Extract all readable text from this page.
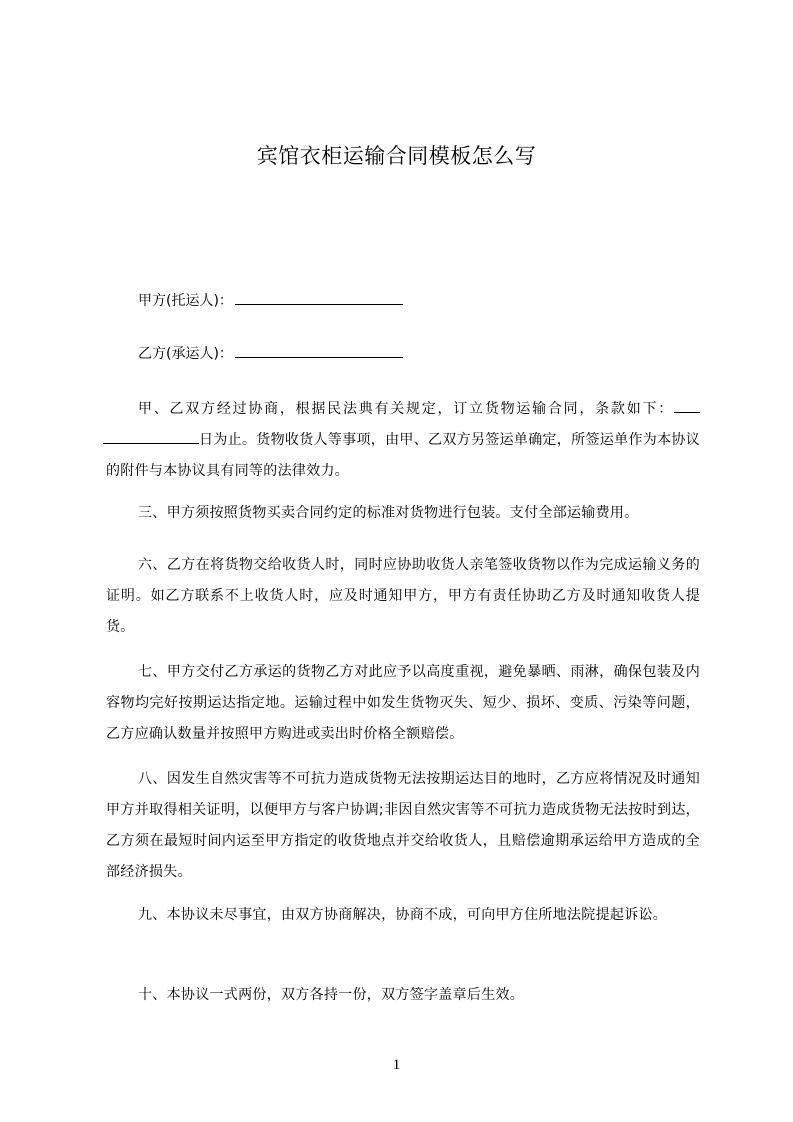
宾馆衣柜运输合同模板怎么写
甲方(托运人)：
乙方(承运人)：

甲、乙双方经过协商，根据民法典有关规定，订立货物运输合同，条款如下：日为止。货物收货人等事项，由甲、乙双方另签运单确定，所签运单作为本协议的附件与本协议具有同等的法律效力。

三、甲方须按照货物买卖合同约定的标准对货物进行包装。支付全部运输费用。

六、乙方在将货物交给收货人时，同时应协助收货人亲笔签收货物以作为完成运输义务的证明。如乙方联系不上收货人时，应及时通知甲方，甲方有责任协助乙方及时通知收货人提货。

七、甲方交付乙方承运的货物乙方对此应予以高度重视，避免暴晒、雨淋，确保包装及内容物均完好按期运达指定地。运输过程中如发生货物灭失、短少、损坏、变质、污染等问题，乙方应确认数量并按照甲方购进或卖出时价格全额赔偿。

八、因发生自然灾害等不可抗力造成货物无法按期运达目的地时，乙方应将情况及时通知甲方并取得相关证明，以便甲方与客户协调;非因自然灾害等不可抗力造成货物无法按时到达，乙方须在最短时间内运至甲方指定的收货地点并交给收货人，且赔偿逾期承运给甲方造成的全部经济损失。

九、本协议未尽事宜，由双方协商解决，协商不成，可向甲方住所地法院提起诉讼。

十、本协议一式两份，双方各持一份，双方签字盖章后生效。

1
